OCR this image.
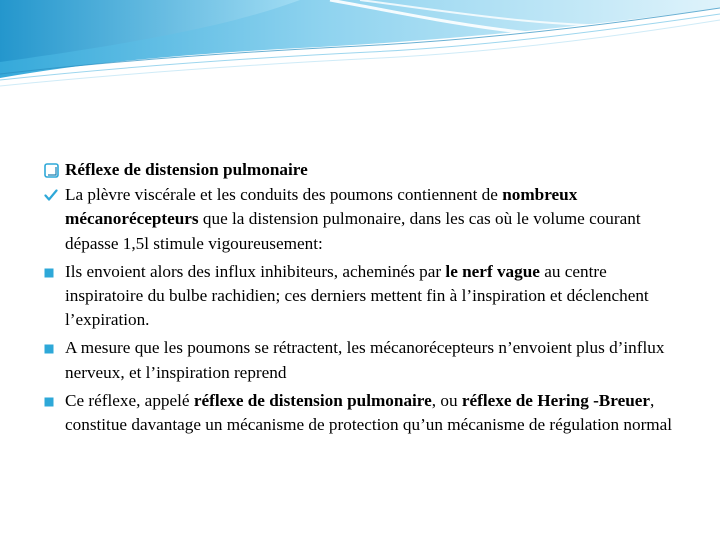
Réflexe de distension pulmonaire
La plèvre viscérale et les conduits des poumons contiennent de nombreux mécanorécepteurs que la distension pulmonaire, dans les cas où le volume courant dépasse 1,5l stimule vigoureusement:
Ils envoient alors des influx inhibiteurs, acheminés par le nerf vague au centre inspiratoire du bulbe rachidien; ces derniers mettent fin à l’inspiration et déclenchent l’expiration.
A mesure que les poumons se rétractent, les mécanorécepteurs n’envoient plus d’influx nerveux, et l’inspiration reprend
Ce réflexe, appelé réflexe de distension pulmonaire, ou réflexe de Hering -Breuer, constitue davantage un mécanisme de protection qu’un mécanisme de régulation normal
